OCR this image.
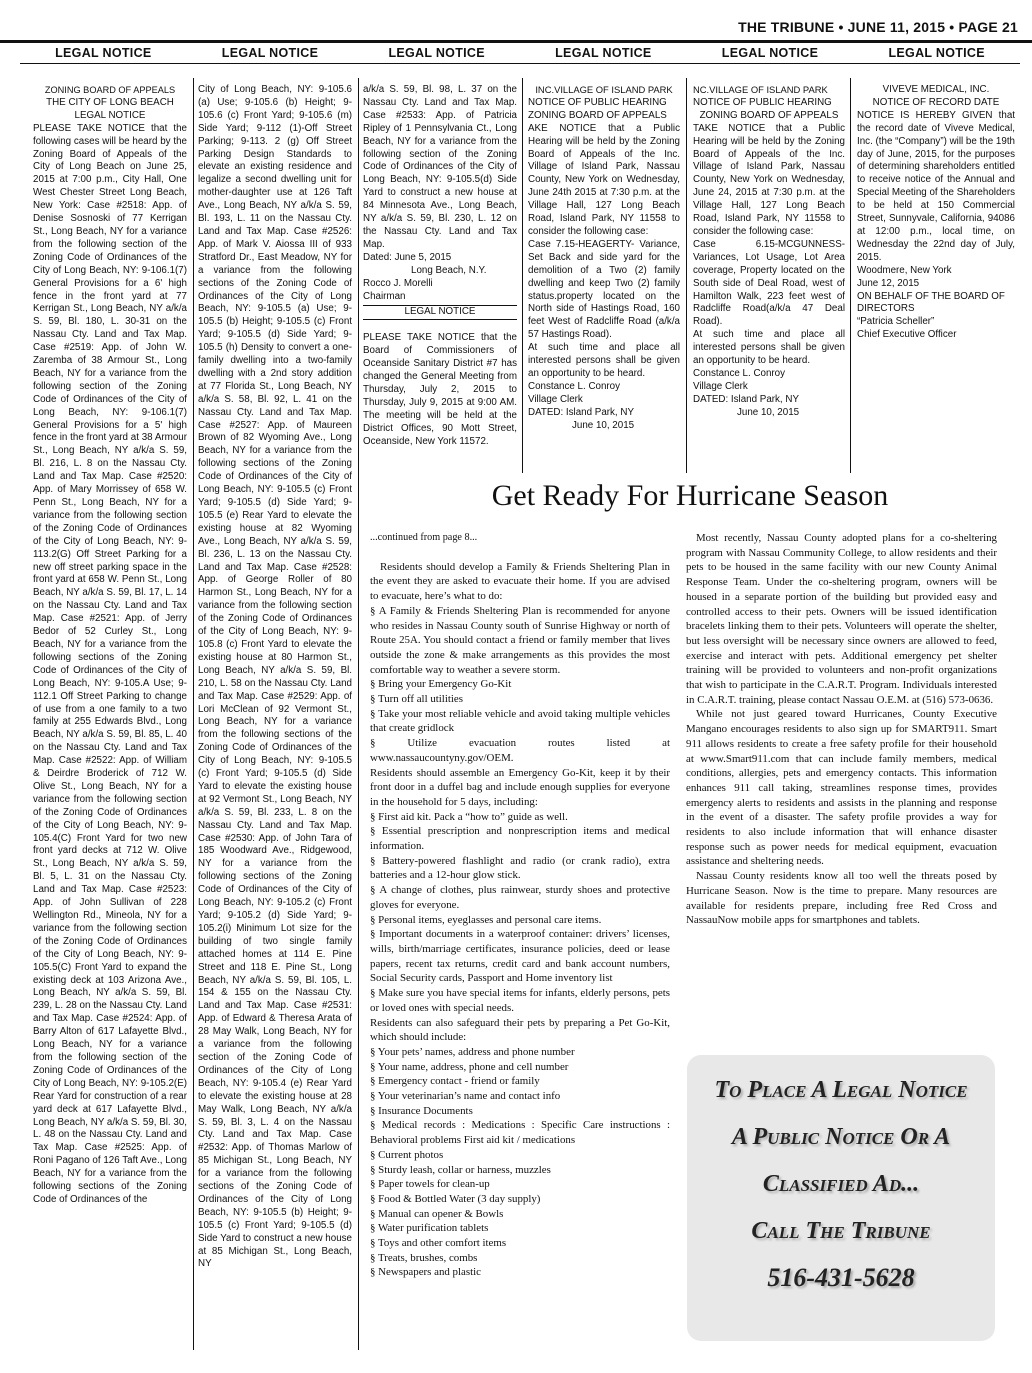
THE TRIBUNE • JUNE 11, 2015 • PAGE 21
LEGAL NOTICE	LEGAL NOTICE	LEGAL NOTICE	LEGAL NOTICE	LEGAL NOTICE	LEGAL NOTICE

ZONING BOARD OF APPEALS

THE CITY OF LONG BEACH

LEGAL NOTICE

PLEASE TAKE NOTICE that the following cases will be heard by the Zoning Board of Appeals of the City of Long Beach on June 25, 2015 at 7:00 p.m., City Hall, One West Chester Street Long Beach, New York: Case #2518: App. of Denise Sosnoski of 77 Kerrigan St., Long Beach, NY for a variance from the following section of the Zoning Code of Ordinances of the City of Long Beach, NY: 9-106.1(7) General Provisions for a 6' high fence in the front yard at 77 Kerrigan St., Long Beach, NY a/k/a S. 59, Bl. 180, L. 30-31 on the Nassau Cty. Land and Tax Map. Case #2519: App. of John W. Zaremba of 38 Armour St., Long Beach, NY for a variance from the following section of the Zoning Code of Ordinances of the City of Long Beach, NY: 9-106.1(7) General Provisions for a 5' high fence in the front yard at 38 Armour St., Long Beach, NY a/k/a S. 59, Bl. 216, L. 8 on the Nassau Cty. Land and Tax Map. Case #2520: App. of Mary Morrissey of 658 W. Penn St., Long Beach, NY for a variance from the following section of the Zoning Code of Ordinances of the City of Long Beach, NY: 9-113.2(G) Off Street Parking for a new off street parking space in the front yard at 658 W. Penn St., Long Beach, NY a/k/a S. 59, Bl. 17, L. 14 on the Nassau Cty. Land and Tax Map. Case #2521: App. of Jerry Bedor of 52 Curley St., Long Beach, NY for a variance from the following sections of the Zoning Code of Ordinances of the City of Long Beach, NY: 9-105.A Use; 9-112.1 Off Street Parking to change of use from a one family to a two family at 255 Edwards Blvd., Long Beach, NY a/k/a S. 59, Bl. 85, L. 40 on the Nassau Cty. Land and Tax Map. Case #2522: App. of William & Deirdre Broderick of 712 W. Olive St., Long Beach, NY for a variance from the following section of the Zoning Code of Ordinances of the City of Long Beach, NY: 9-105.4(C) Front Yard for two new front yard decks at 712 W. Olive St., Long Beach, NY a/k/a S. 59, Bl. 5, L. 31 on the Nassau Cty. Land and Tax Map. Case #2523: App. of John Sullivan of 228 Wellington Rd., Mineola, NY for a variance from the following section of the Zoning Code of Ordinances of the City of Long Beach, NY: 9-105.5(C) Front Yard to expand the existing deck at 103 Arizona Ave., Long Beach, NY a/k/a S. 59, Bl. 239, L. 28 on the Nassau Cty. Land and Tax Map. Case #2524: App. of Barry Alton of 617 Lafayette Blvd., Long Beach, NY for a variance from the following section of the Zoning Code of Ordinances of the City of Long Beach, NY: 9-105.2(E) Rear Yard for construction of a rear yard deck at 617 Lafayette Blvd., Long Beach, NY a/k/a S. 59, Bl. 30, L. 48 on the Nassau Cty. Land and Tax Map. Case #2525: App. of Roni Pagano of 126 Taft Ave., Long Beach, NY for a variance from the following sections of the Zoning Code of Ordinances of the

City of Long Beach, NY: 9-105.6 (a) Use; 9-105.6 (b) Height; 9-105.6 (c) Front Yard; 9-105.6 (m) Side Yard; 9-112 (1)-Off Street Parking; 9-113. 2 (g) Off Street Parking Design Standards to elevate an existing residence and legalize a second dwelling unit for mother-daughter use at 126 Taft Ave., Long Beach, NY a/k/a S. 59, Bl. 193, L. 11 on the Nassau Cty. Land and Tax Map. Case #2526: App. of Mark V. Aiossa III of 933 Stratford Dr., East Meadow, NY for a variance from the following sections of the Zoning Code of Ordinances of the City of Long Beach, NY: 9-105.5 (a) Use; 9-105.5 (b) Height; 9-105.5 (c) Front Yard; 9-105.5 (d) Side Yard; 9-105.5 (h) Density to convert a one-family dwelling into a two-family dwelling with a 2nd story addition at 77 Florida St., Long Beach, NY a/k/a S. 58, Bl. 92, L. 41 on the Nassau Cty. Land and Tax Map. Case #2527: App. of Maureen Brown of 82 Wyoming Ave., Long Beach, NY for a variance from the following sections of the Zoning Code of Ordinances of the City of Long Beach, NY: 9-105.5 (c) Front Yard; 9-105.5 (d) Side Yard; 9-105.5 (e) Rear Yard to elevate the existing house at 82 Wyoming Ave., Long Beach, NY a/k/a S. 59, Bl. 236, L. 13 on the Nassau Cty. Land and Tax Map. Case #2528: App. of George Roller of 80 Harmon St., Long Beach, NY for a variance from the following section of the Zoning Code of Ordinances of the City of Long Beach, NY: 9-105.8 (c) Front Yard to elevate the existing house at 80 Harmon St., Long Beach, NY a/k/a S. 59, Bl. 210, L. 58 on the Nassau Cty. Land and Tax Map. Case #2529: App. of Lori McClean of 92 Vermont St., Long Beach, NY for a variance from the following sections of the Zoning Code of Ordinances of the City of Long Beach, NY: 9-105.5 (c) Front Yard; 9-105.5 (d) Side Yard to elevate the existing house at 92 Vermont St., Long Beach, NY a/k/a S. 59, Bl. 233, L. 8 on the Nassau Cty. Land and Tax Map. Case #2530: App. of John Tara of 185 Woodward Ave., Ridgewood, NY for a variance from the following sections of the Zoning Code of Ordinances of the City of Long Beach, NY: 9-105.2 (c) Front Yard; 9-105.2 (d) Side Yard; 9-105.2(i) Minimum Lot size for the building of two single family attached homes at 114 E. Pine Street and 118 E. Pine St., Long Beach, NY a/k/a S. 59, Bl. 105, L. 154 & 155 on the Nassau Cty. Land and Tax Map. Case #2531: App. of Edward & Theresa Arata of 28 May Walk, Long Beach, NY for a variance from the following section of the Zoning Code of Ordinances of the City of Long Beach, NY: 9-105.4 (e) Rear Yard to elevate the existing house at 28 May Walk, Long Beach, NY a/k/a S. 59, Bl. 3, L. 4 on the Nassau Cty. Land and Tax Map. Case #2532: App. of Thomas Marlow of 85 Michigan St., Long Beach, NY for a variance from the following sections of the Zoning Code of Ordinances of the City of Long Beach, NY: 9-105.5 (b) Height; 9-105.5 (c) Front Yard; 9-105.5 (d) Side Yard to construct a new house at 85 Michigan St., Long Beach, NY

a/k/a S. 59, Bl. 98, L. 37 on the Nassau Cty. Land and Tax Map. Case #2533: App. of Patricia Ripley of 1 Pennsylvania Ct., Long Beach, NY for a variance from the following section of the Zoning Code of Ordinances of the City of Long Beach, NY: 9-105.5(d) Side Yard to construct a new house at 84 Minnesota Ave., Long Beach, NY a/k/a S. 59, Bl. 230, L. 12 on the Nassau Cty. Land and Tax Map.

Dated: June 5, 2015

Long Beach, N.Y.

Rocco J. Morelli

Chairman

LEGAL NOTICE

PLEASE TAKE NOTICE that the Board of Commissioners of Oceanside Sanitary District #7 has changed the General Meeting from Thursday, July 2, 2015 to Thursday, July 9, 2015 at 9:00 AM. The meeting will be held at the District Offices, 90 Mott Street, Oceanside, New York 11572.

INC.VILLAGE OF ISLAND PARK

NOTICE OF PUBLIC HEARING

ZONING BOARD OF APPEALS

AKE NOTICE that a Public Hearing will be held by the Zoning Board of Appeals of the Inc. Village of Island Park, Nassau County, New York on Wednesday, June 24th 2015 at 7:30 p.m. at the Village Hall, 127 Long Beach Road, Island Park, NY 11558 to consider the following case:

Case 7.15-HEAGERTY- Variance, Set Back and side yard for the demolition of a Two (2) family dwelling and keep Two (2) family status.property located on the North side of Hastings Road, 160 feet West of Radcliffe Road (a/k/a 57 Hastings Road).

At such time and place all interested persons shall be given an opportunity to be heard.

Constance L. Conroy

Village Clerk

DATED: Island Park, NY

June 10, 2015

NC.VILLAGE OF ISLAND PARK

NOTICE OF PUBLIC HEARING

ZONING BOARD OF APPEALS

TAKE NOTICE that a Public Hearing will be held by the Zoning Board of Appeals of the Inc. Village of Island Park, Nassau County, New York on Wednesday, June 24, 2015 at 7:30 p.m. at the Village Hall, 127 Long Beach Road, Island Park, NY 11558 to consider the following case:

Case 6.15-MCGUNNESS- Variances, Lot Usage, Lot Area coverage, Property located on the South side of Deal Road, west of Hamilton Walk, 223 feet west of Radcliffe Road(a/k/a 47 Deal Road).

At such time and place all interested persons shall be given an opportunity to be heard.

Constance L. Conroy

Village Clerk

DATED: Island Park, NY

June 10, 2015

VIVEVE MEDICAL, INC.

NOTICE OF RECORD DATE

NOTICE IS HEREBY GIVEN that the record date of Viveve Medical, Inc. (the “Company”) will be the 19th day of June, 2015, for the purposes of determining shareholders entitled to receive notice of the Annual and Special Meeting of the Shareholders to be held at 150 Commercial Street, Sunnyvale, California, 94086 at 12:00 p.m., local time, on Wednesday the 22nd day of July, 2015.

Woodmere, New York

June 12, 2015

ON BEHALF OF THE BOARD OF DIRECTORS

“Patricia Scheller”

Chief Executive Officer

Get Ready For Hurricane Season

...continued from page 8...

Residents should develop a Family & Friends Sheltering Plan in the event they are asked to evacuate their home. If you are advised to evacuate, here’s what to do:

§ A Family & Friends Sheltering Plan is recommended for anyone who resides in Nassau County south of Sunrise Highway or north of Route 25A. You should contact a friend or family member that lives outside the zone & make arrangements as this provides the most comfortable way to weather a severe storm.

§ Bring your Emergency Go-Kit

§ Turn off all utilities

§ Take your most reliable vehicle and avoid taking multiple vehicles that create gridlock

§ Utilize evacuation routes listed at www.nassaucountyny.gov/OEM.

Residents should assemble an Emergency Go-Kit, keep it by their front door in a duffel bag and include enough supplies for everyone in the household for 5 days, including:

§ First aid kit. Pack a “how to” guide as well.

§ Essential prescription and nonprescription items and medical information.

§ Battery-powered flashlight and radio (or crank radio), extra batteries and a 12-hour glow stick.

§ A change of clothes, plus rainwear, sturdy shoes and protective gloves for everyone.

§ Personal items, eyeglasses and personal care items.

§ Important documents in a waterproof container: drivers’ licenses, wills, birth/marriage certificates, insurance policies, deed or lease papers, recent tax returns, credit card and bank account numbers, Social Security cards, Passport and Home inventory list

§ Make sure you have special items for infants, elderly persons, pets or loved ones with special needs.

Residents can also safeguard their pets by preparing a Pet Go-Kit, which should include:

§ Your pets’ names, address and phone number

§ Your name, address, phone and cell number

§ Emergency contact - friend or family

§ Your veterinarian’s name and contact info

§ Insurance Documents

§ Medical records : Medications : Specific Care instructions : Behavioral problems First aid kit / medications

§ Current photos

§ Sturdy leash, collar or harness, muzzles

§ Paper towels for clean-up

§ Food & Bottled Water (3 day supply)

§ Manual can opener & Bowls

§ Water purification tablets

§ Toys and other comfort items

§ Treats, brushes, combs

§ Newspapers and plastic

Most recently, Nassau County adopted plans for a co-sheltering program with Nassau Community College, to allow residents and their pets to be housed in the same facility with our new County Animal Response Team. Under the co-sheltering program, owners will be housed in a separate portion of the building but provided easy and controlled access to their pets. Owners will be issued identification bracelets linking them to their pets. Volunteers will operate the shelter, but less oversight will be necessary since owners are allowed to feed, exercise and interact with pets. Additional emergency pet shelter training will be provided to volunteers and non-profit organizations that wish to participate in the C.A.R.T. Program. Individuals interested in C.A.R.T. training, please contact Nassau O.E.M. at (516) 573-0636.

While not just geared toward Hurricanes, County Executive Mangano encourages residents to also sign up for SMART911. Smart 911 allows residents to create a free safety profile for their household at www.Smart911.com that can include family members, medical conditions, allergies, pets and emergency contacts. This information enhances 911 call taking, streamlines response times, provides emergency alerts to residents and assists in the planning and response in the event of a disaster. The safety profile provides a way for residents to also include information that will enhance disaster response such as power needs for medical equipment, evacuation assistance and sheltering needs.

Nassau County residents know all too well the threats posed by Hurricane Season. Now is the time to prepare. Many resources are available for residents prepare, including free Red Cross and NassauNow mobile apps for smartphones and tablets.

To Place A Legal Notice
A Public Notice Or A
Classified Ad...
Call The Tribune
516-431-5628
